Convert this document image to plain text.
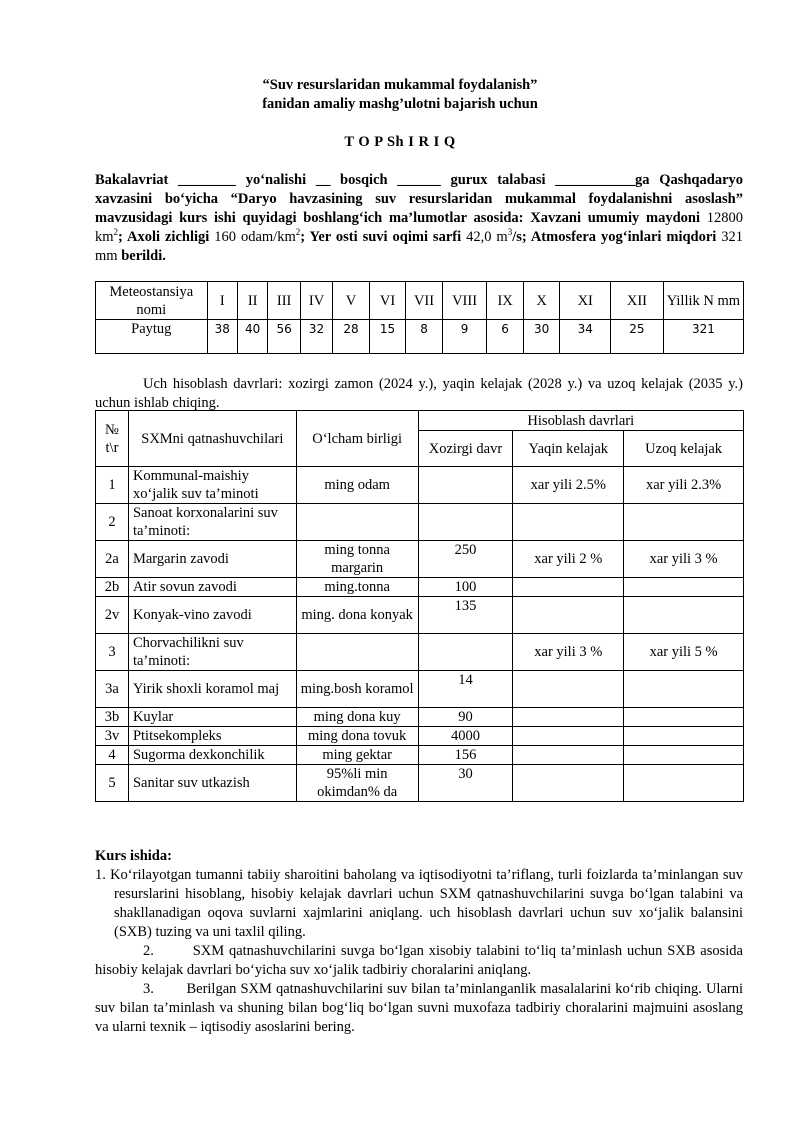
“Suv resurslaridan mukammal foydalanish”
fanidan amaliy mashg’ulotni bajarish uchun
T O P Sh I R I Q
Bakalavriat ________ yo‘nalishi __ bosqich ______ gurux talabasi ___________ga Qashqadaryo xavzasini bo‘yicha “Daryo havzasining suv resurslaridan mukammal foydalanishni asoslash” mavzusidagi kurs ishi quyidagi boshlang‘ich ma’lumotlar asosida: Xavzani umumiy maydoni 12800 $km^2$; Axoli zichligi 160 odam/$km^2$; Yer osti suvi oqimi sarfi 42,0 $m^3/s$; Atmosfera yog‘inlari miqdori 321 mm berildi.
Meteostansiya nomi	I	II	III	IV	V	VI	VII	VIII	IX	X	XI	XII	Yillik N mm
Paytug	38	40	56	32	28	15	8	9	6	30	34	25	321
Uch hisoblash davrlari: xozirgi zamon (2024 y.), yaqin kelajak (2028 y.) va uzoq kelajak (2035 y.) uchun ishlab chiqing.
№ t\r	SXMni qatnashuvchilari	O‘lcham birligi	Hisoblash davrlari		
			Xozirgi davr	Yaqin kelajak	Uzoq kelajak
1	Kommunal-maishiy xo‘jalik suv ta’minoti	ming odam		xar yili 2.5%	xar yili 2.3%
2	Sanoat korxonalarini suv ta’minoti:				
2a	Margarin zavodi	ming tonna margarin	250	xar yili 2 %	xar yili 3 %
2b	Atir sovun zavodi	ming.tonna	100		
2v	Konyak-vino zavodi	ming. dona konyak	135		
3	Chorvachilikni suv ta’minoti:			xar yili 3 %	xar yili 5 %
3a	Yirik shoxli koramol maj	ming.bosh koramol	14		
3b	Kuylar	ming dona kuy	90		
3v	Ptitsekompleks	ming dona tovuk	4000		
4	Sugorma dexkonchilik	ming gektar	156		
5	Sanitar suv utkazish	95%li min okimdan% da	30		
Kurs ishida:
1. Ko‘rilayotgan tumanni tabiiy sharoitini baholang va iqtisodiyotni ta’riflang, turli foizlarda ta’minlangan suv resurslarini hisoblang, hisobiy kelajak davrlari uchun SXM qatnashuvchilarini suvga bo‘lgan talabini va shakllanadigan oqova suvlarni xajmlarini aniqlang. uch hisoblash davrlari uchun suv xo‘jalik balansini (SXB) tuzing va uni taxlil qiling.
2.        SXM qatnashuvchilarini suvga bo‘lgan xisobiy talabini to‘liq ta’minlash uchun SXB asosida hisobiy kelajak davrlari bo‘yicha suv xo‘jalik tadbiriy choralarini aniqlang.
3.        Berilgan SXM qatnashuvchilarini suv bilan ta’minlanganlik masalalarini ko‘rib chiqing. Ularni suv bilan ta’minlash va shuning bilan bog‘liq bo‘lgan suvni muxofaza tadbiriy choralarini majmuini asoslang va ularni texnik – iqtisodiy asoslarini bering.
